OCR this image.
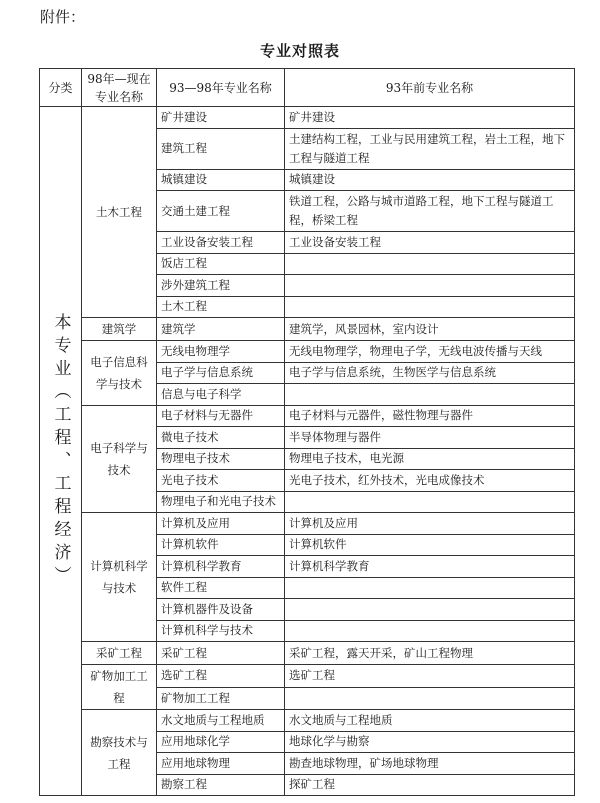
附件：
专业对照表
分类	98年—现在专业名称	93—98年专业名称	93年前专业名称

本专业（工程、工程经济）	土木工程	矿井建设	矿井建设
		建筑工程	土建结构工程，工业与民用建筑工程，岩土工程，地下工程与隧道工程
		城镇建设	城镇建设
		交通土建工程	铁道工程，公路与城市道路工程，地下工程与隧道工程，桥梁工程
		工业设备安装工程	工业设备安装工程
		饭店工程	
		涉外建筑工程	
		土木工程	
	建筑学	建筑学	建筑学，风景园林，室内设计
	电子信息科学与技术	无线电物理学	无线电物理学，物理电子学，无线电波传播与天线
		电子学与信息系统	电子学与信息系统，生物医学与信息系统
		信息与电子科学	
	电子科学与技术	电子材料与无器件	电子材料与元器件，磁性物理与器件
		微电子技术	半导体物理与器件
		物理电子技术	物理电子技术，电光源
		光电子技术	光电子技术，红外技术，光电成像技术
		物理电子和光电子技术	
	计算机科学与技术	计算机及应用	计算机及应用
		计算机软件	计算机软件
		计算机科学教育	计算机科学教育
		软件工程	
		计算机器件及设备	
		计算机科学与技术	
	采矿工程	采矿工程	采矿工程，露天开采，矿山工程物理
	矿物加工工程	选矿工程	选矿工程
		矿物加工工程	
	勘察技术与工程	水文地质与工程地质	水文地质与工程地质
		应用地球化学	地球化学与勘察
		应用地球物理	勘查地球物理，矿场地球物理
		勘察工程	探矿工程
